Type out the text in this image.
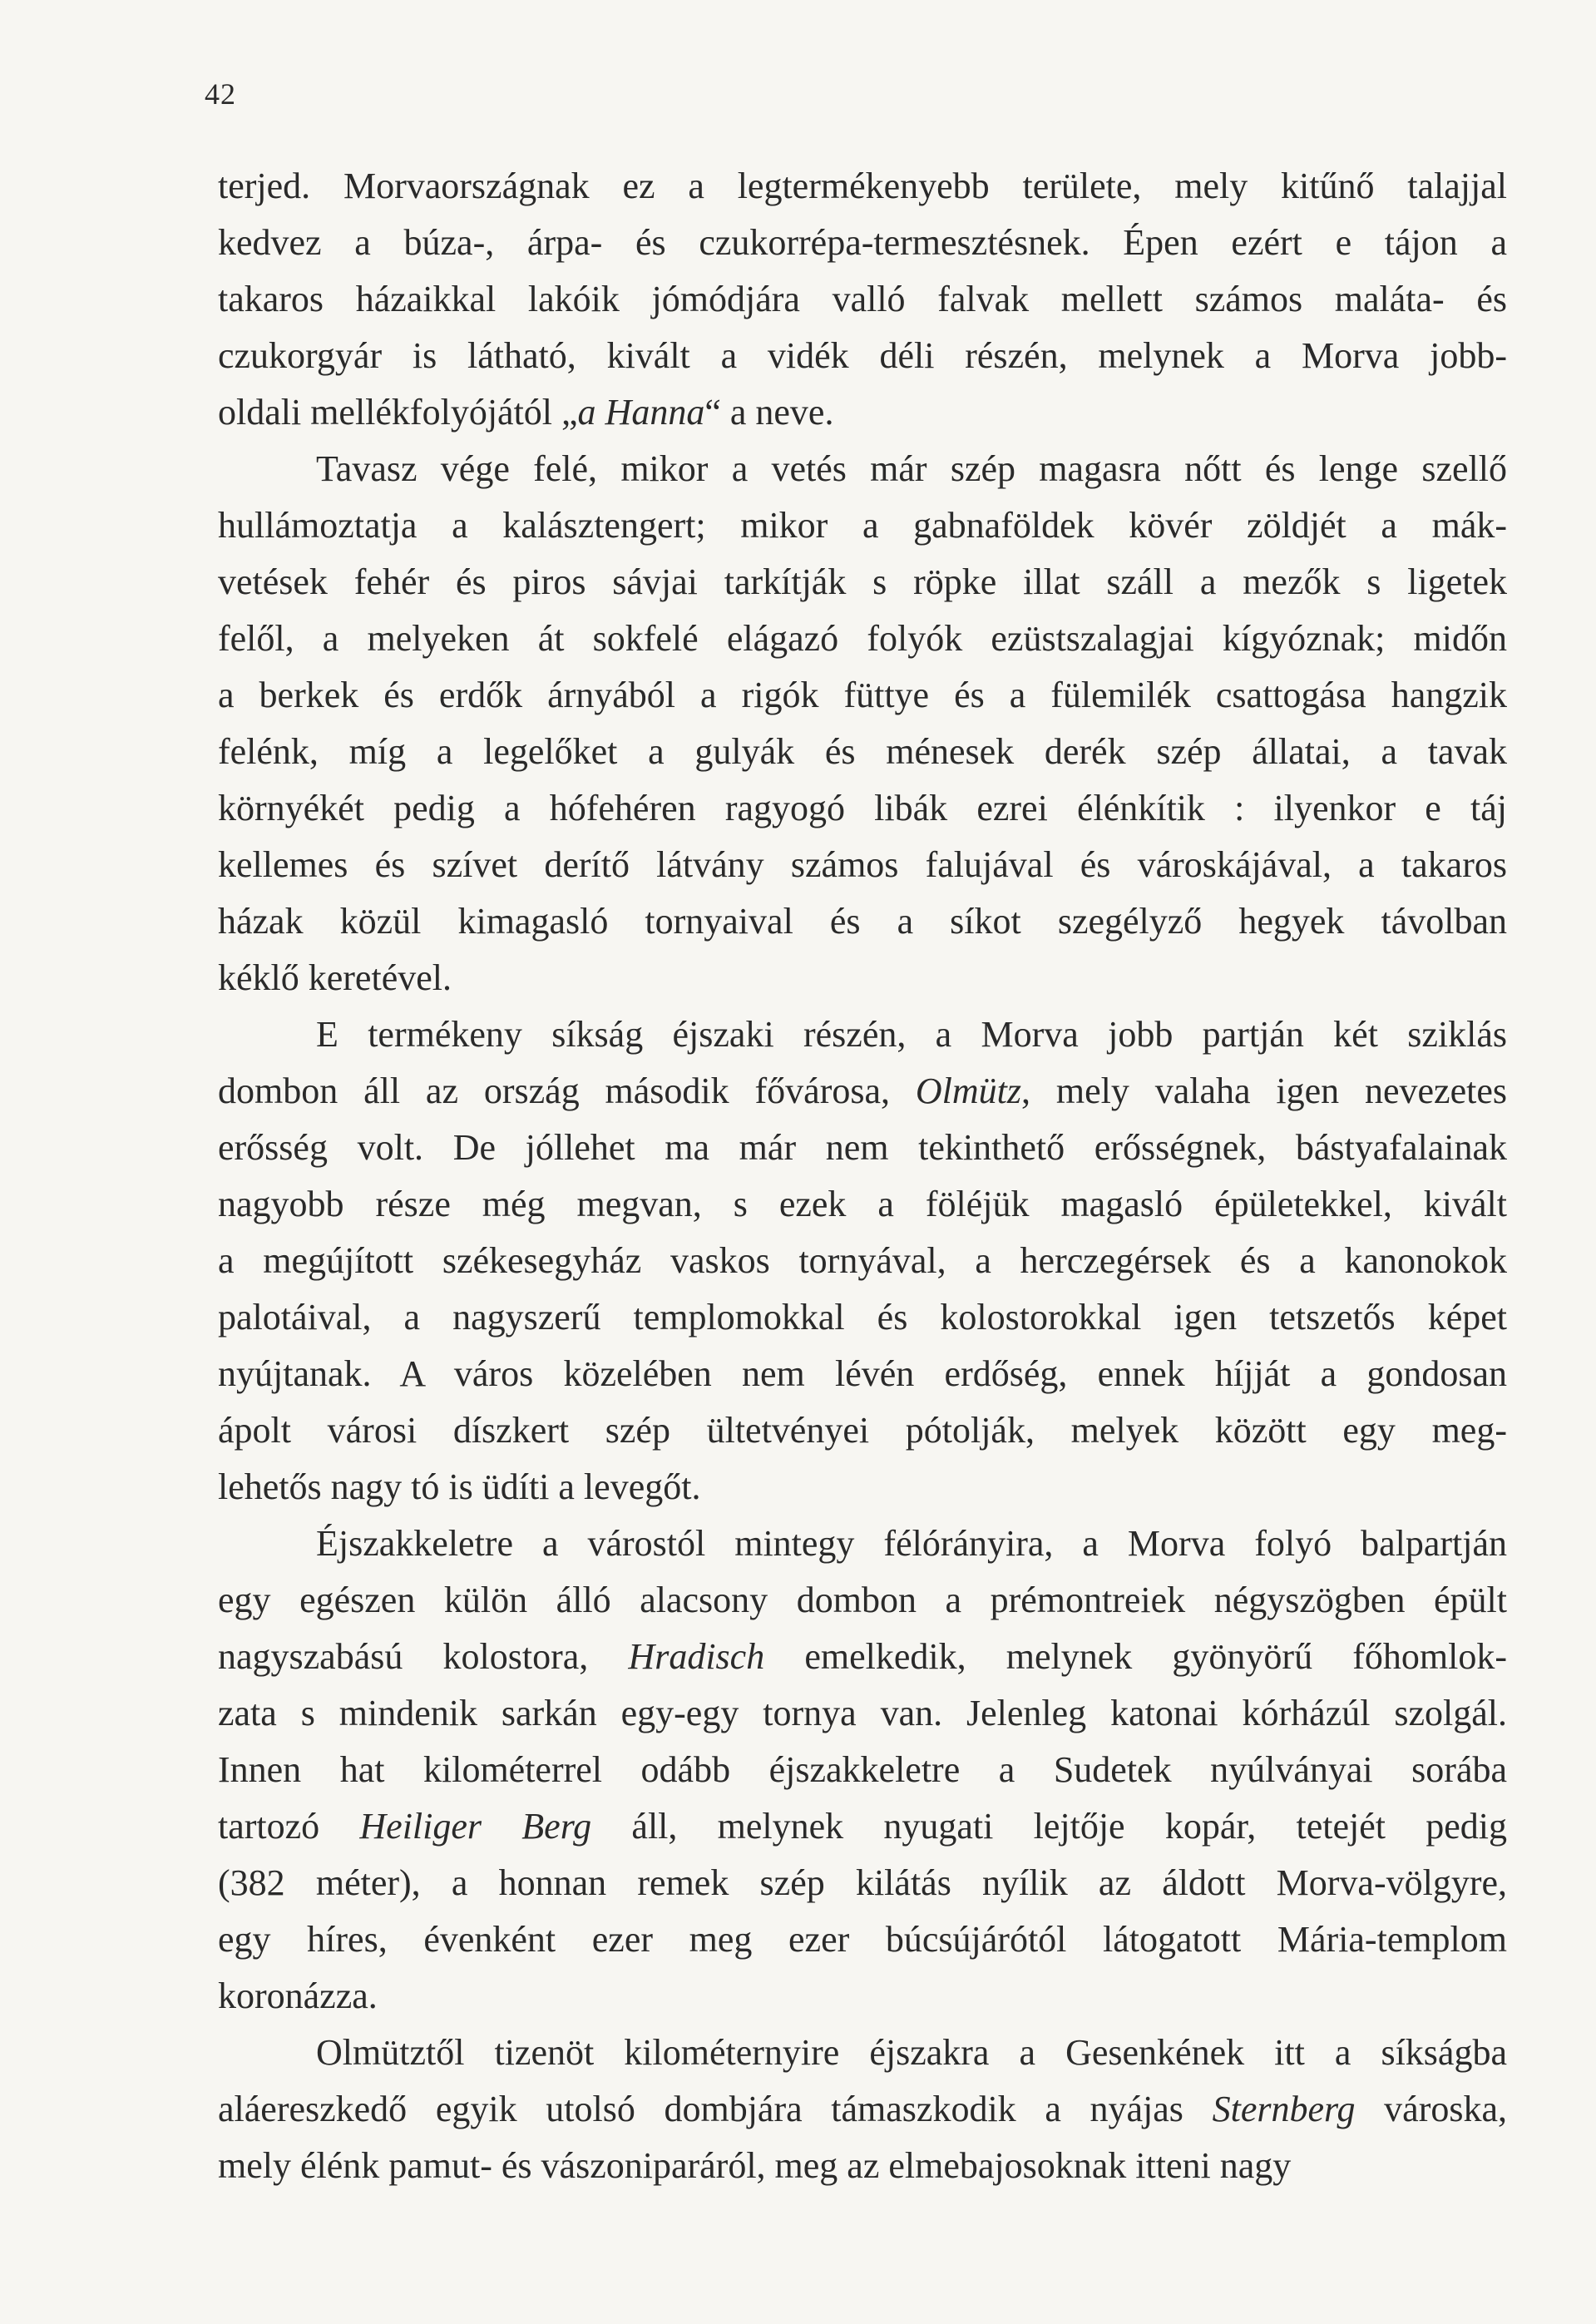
42
terjed. Morvaországnak ez a legtermékenyebb területe, mely kitűnő talajjal
kedvez a búza-, árpa- és czukorrépa-termesztésnek. Épen ezért e tájon a
takaros házaikkal lakóik jómódjára valló falvak mellett számos maláta- és
czukorgyár is látható, kivált a vidék déli részén, melynek a Morva jobb-
oldali mellékfolyójától „a Hanna“ a neve.
Tavasz vége felé, mikor a vetés már szép magasra nőtt és lenge szellő
hullámoztatja a kalásztengert; mikor a gabnaföldek kövér zöldjét a mák-
vetések fehér és piros sávjai tarkítják s röpke illat száll a mezők s ligetek
felől, a melyeken át sokfelé elágazó folyók ezüstszalagjai kígyóznak; midőn
a berkek és erdők árnyából a rigók füttye és a fülemilék csattogása hangzik
felénk, míg a legelőket a gulyák és ménesek derék szép állatai, a tavak
környékét pedig a hófehéren ragyogó libák ezrei élénkítik : ilyenkor e táj
kellemes és szívet derítő látvány számos falujával és városkájával, a takaros
házak közül kimagasló tornyaival és a síkot szegélyző hegyek távolban
kéklő keretével.
E termékeny síkság éjszaki részén, a Morva jobb partján két sziklás
dombon áll az ország második fővárosa, Olmütz, mely valaha igen nevezetes
erősség volt. De jóllehet ma már nem tekinthető erősségnek, bástyafalainak
nagyobb része még megvan, s ezek a föléjük magasló épületekkel, kivált
a megújított székesegyház vaskos tornyával, a herczegérsek és a kanonokok
palotáival, a nagyszerű templomokkal és kolostorokkal igen tetszetős képet
nyújtanak. A város közelében nem lévén erdőség, ennek híjját a gondosan
ápolt városi díszkert szép ültetvényei pótolják, melyek között egy meg-
lehetős nagy tó is üdíti a levegőt.
Éjszakkeletre a várostól mintegy félórányira, a Morva folyó balpartján
egy egészen külön álló alacsony dombon a prémontreiek négyszögben épült
nagyszabású kolostora, Hradisch emelkedik, melynek gyönyörű főhomlok-
zata s mindenik sarkán egy-egy tornya van. Jelenleg katonai kórházúl szolgál.
Innen hat kilométerrel odább éjszakkeletre a Sudetek nyúlványai sorába
tartozó Heiliger Berg áll, melynek nyugati lejtője kopár, tetejét pedig
(382 méter), a honnan remek szép kilátás nyílik az áldott Morva-völgyre,
egy híres, évenként ezer meg ezer búcsújárótól látogatott Mária-templom
koronázza.
Olmütztől tizenöt kilométernyire éjszakra a Gesenkének itt a síkságba
aláereszkedő egyik utolsó dombjára támaszkodik a nyájas Sternberg városka,
mely élénk pamut- és vászoniparáról, meg az elmebajosoknak itteni nagy
